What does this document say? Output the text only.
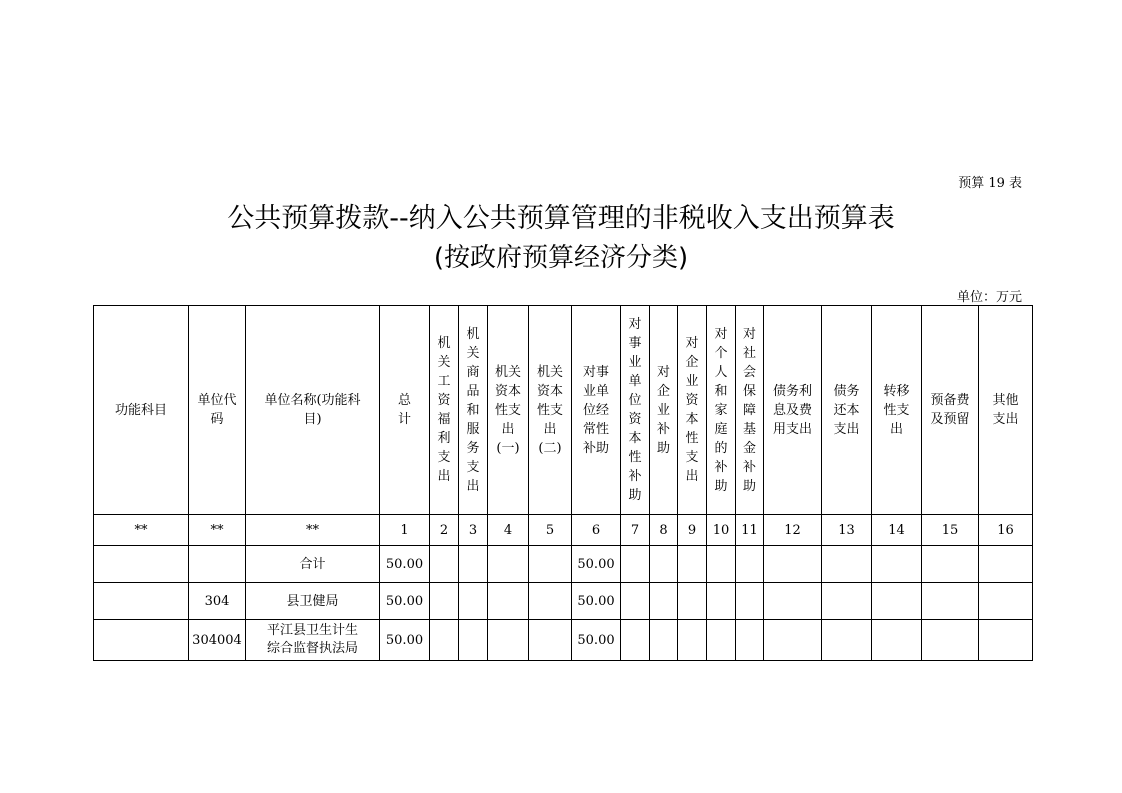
预算 19 表
公共预算拨款--纳入公共预算管理的非税收入支出预算表
(按政府预算经济分类)
单位：万元
功能科目	单位代码	单位名称(功能科目)	总计	机关工资福利支出	机关商品和服务支出	机关资本性支出(一)	机关资本性支出(二)	对事业单位经常性补助	对事业单位资本性补助	对企业补助	对企业资本性支出	对个人和家庭的补助	对社会保障基金补助	债务利息及费用支出	债务还本支出	转移性支出	预备费及预留	其他支出
**	**	**	1	2	3	4	5	6	7	8	9	10	11	12	13	14	15	16
		合计	50.00					50.00										
	304	县卫健局	50.00					50.00										
	304004	平江县卫生计生
综合监督执法局	50.00					50.00										
